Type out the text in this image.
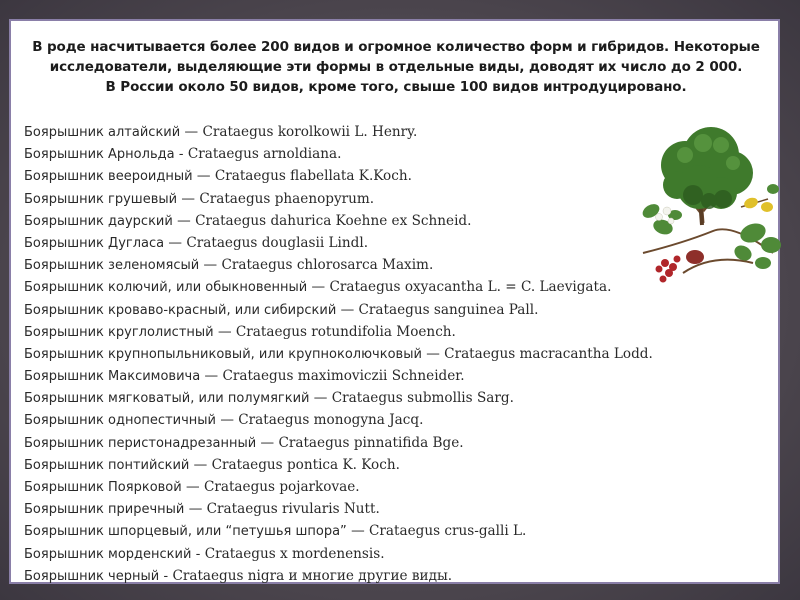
В роде насчитывается более 200 видов и огромное количество форм и гибридов. Некоторые
исследователи, выделяющие эти формы в отдельные виды, доводят их число до 2 000.
В России около 50 видов, кроме того, свыше 100 видов интродуцировано.
Боярышник алтайский — Crataegus korolkowii L. Henry.
Боярышник Арнольда - Crataegus arnoldiana.
Боярышник веероидный — Crataegus flabellata K.Koch.
Боярышник грушевый — Crataegus phaenopyrum.
Боярышник даурский — Crataegus dahurica Koehne ex Schneid.
Боярышник Дугласа — Crataegus douglasii Lindl.
Боярышник зеленомясый — Crataegus chlorosarca Maxim.
Боярышник колючий, или обыкновенный — Crataegus oxyacantha L. = C. Laevigata.
Боярышник кроваво-красный, или сибирский — Crataegus sanguinea Pall.
Боярышник круглолистный — Crataegus rotundifolia Moench.
Боярышник крупнопыльниковый, или крупноколючковый — Crataegus macracantha Lodd.
Боярышник Максимовича — Crataegus maximoviczii Schneider.
Боярышник мягковатый, или полумягкий — Crataegus submollis Sarg.
Боярышник однопестичный — Crataegus monogyna Jacq.
Боярышник перистонадрезанный — Crataegus pinnatifida Bge.
Боярышник понтийский — Crataegus pontica K. Koch.
Боярышник Поярковой — Crataegus pojarkovae.
Боярышник приречный — Crataegus rivularis Nutt.
Боярышник шпорцевый, или “петушья шпора” — Crataegus crus-galli L.
Боярышник морденский - Crataegus x mordenensis.
Боярышник черный - Crataegus nigra и многие другие виды.
